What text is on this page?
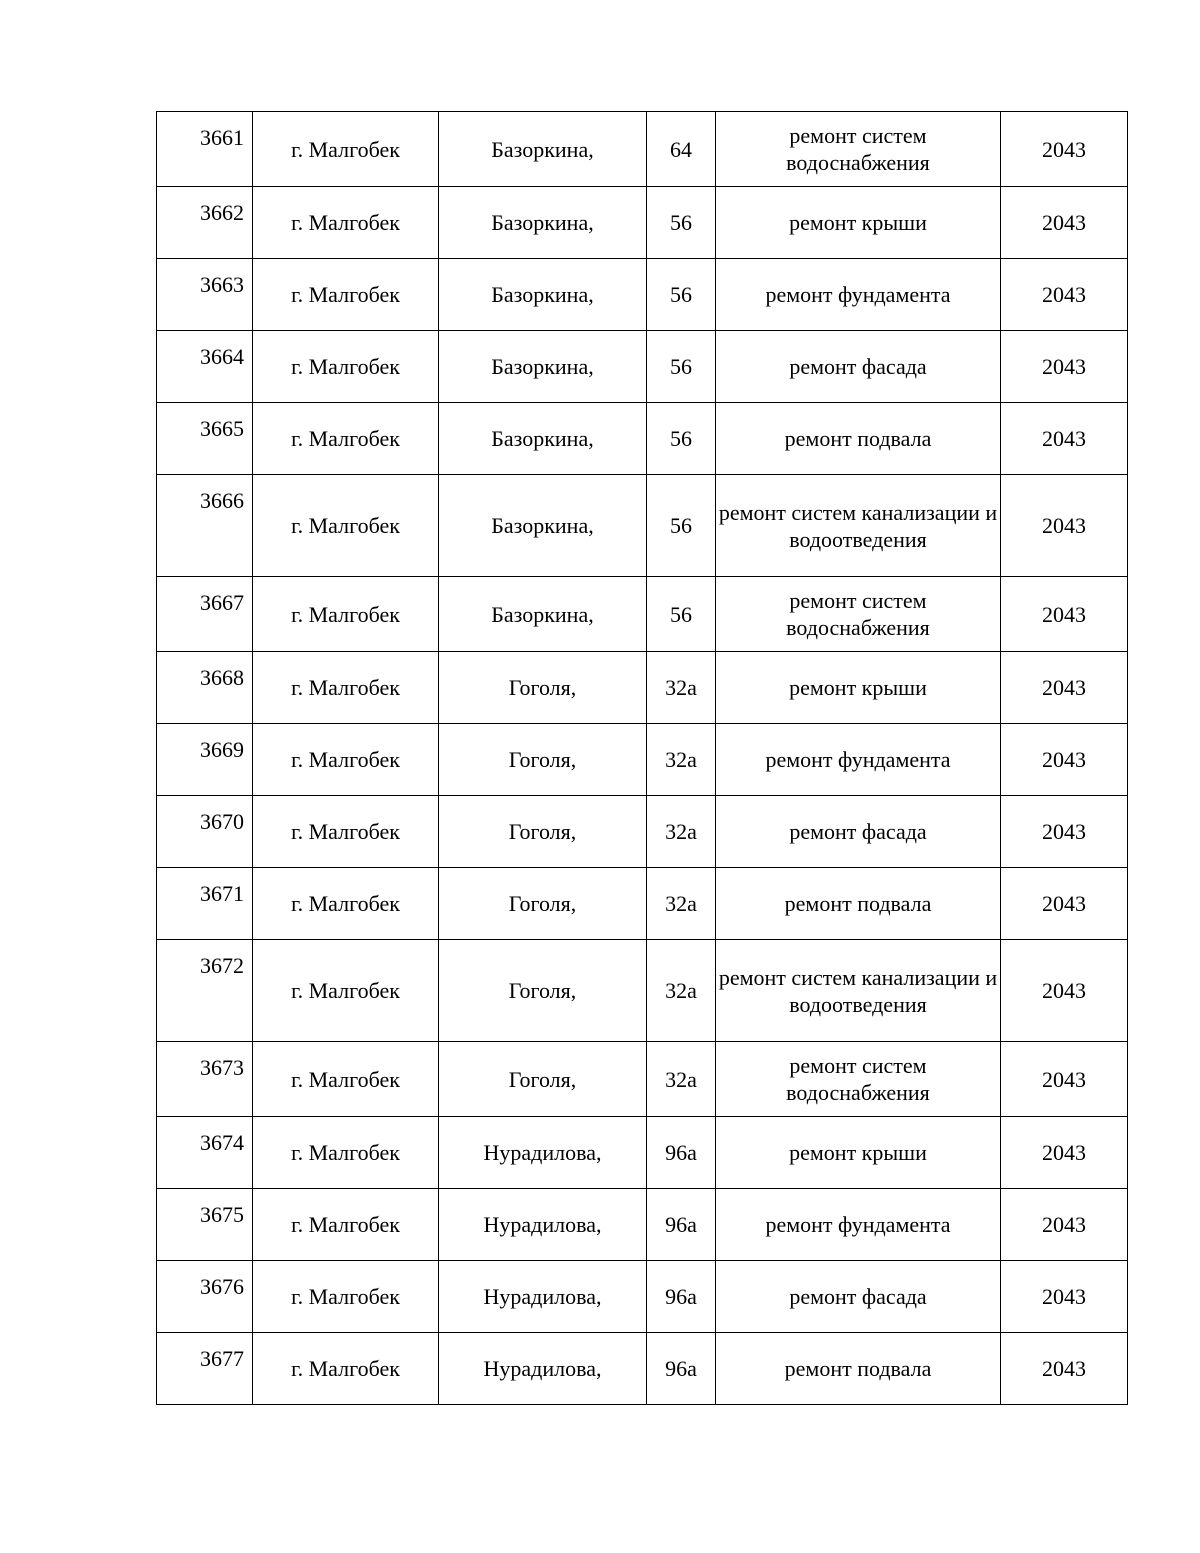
3661	г. Малгобек	Базоркина,	64	ремонт систем водоснабжения	2043
3662	г. Малгобек	Базоркина,	56	ремонт крыши	2043
3663	г. Малгобек	Базоркина,	56	ремонт фундамента	2043
3664	г. Малгобек	Базоркина,	56	ремонт фасада	2043
3665	г. Малгобек	Базоркина,	56	ремонт подвала	2043
3666	г. Малгобек	Базоркина,	56	ремонт систем канализации и водоотведения	2043
3667	г. Малгобек	Базоркина,	56	ремонт систем водоснабжения	2043
3668	г. Малгобек	Гоголя,	32а	ремонт крыши	2043
3669	г. Малгобек	Гоголя,	32а	ремонт фундамента	2043
3670	г. Малгобек	Гоголя,	32а	ремонт фасада	2043
3671	г. Малгобек	Гоголя,	32а	ремонт подвала	2043
3672	г. Малгобек	Гоголя,	32а	ремонт систем канализации и водоотведения	2043
3673	г. Малгобек	Гоголя,	32а	ремонт систем водоснабжения	2043
3674	г. Малгобек	Нурадилова,	96а	ремонт крыши	2043
3675	г. Малгобек	Нурадилова,	96а	ремонт фундамента	2043
3676	г. Малгобек	Нурадилова,	96а	ремонт фасада	2043
3677	г. Малгобек	Нурадилова,	96а	ремонт подвала	2043
